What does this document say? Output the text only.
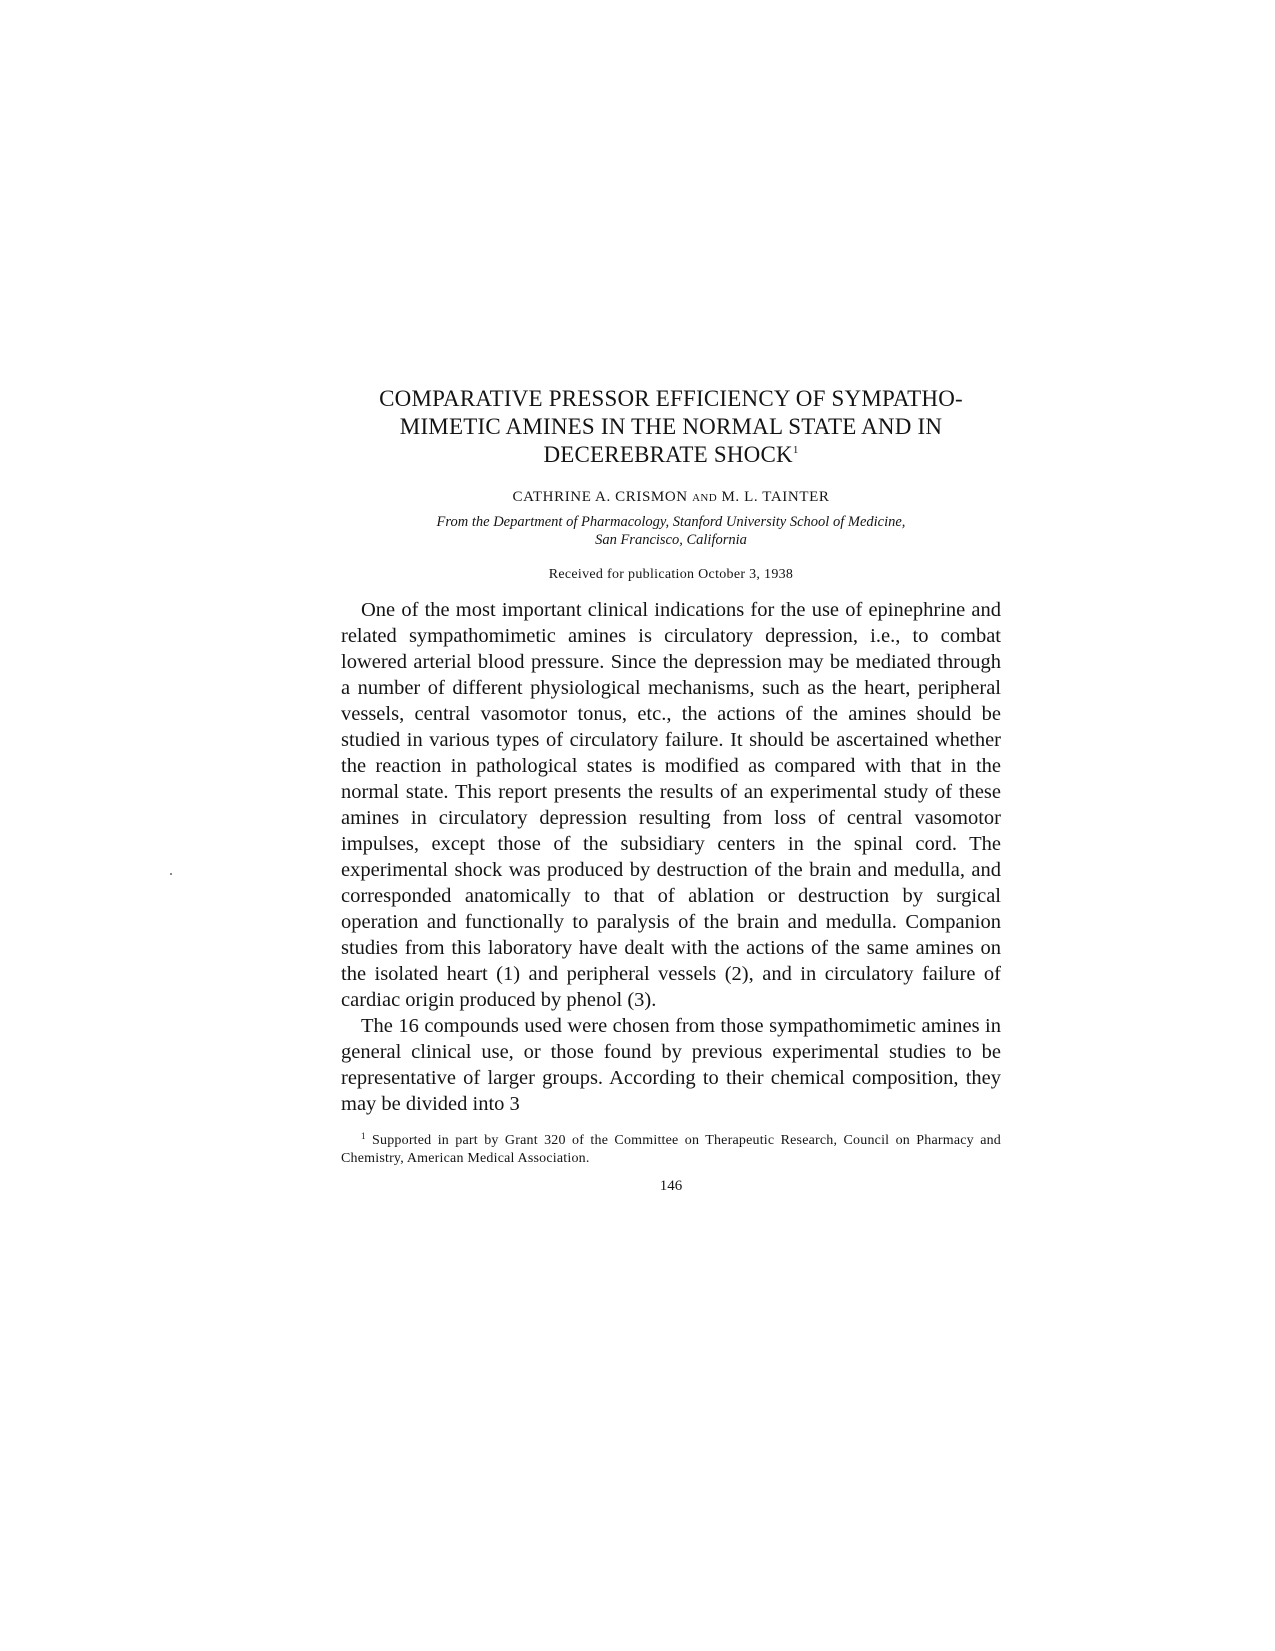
COMPARATIVE PRESSOR EFFICIENCY OF SYMPATHO-MIMETIC AMINES IN THE NORMAL STATE AND IN DECEREBRATE SHOCK$^1$

CATHRINE A. CRISMON AND M. L. TAINTER

From the Department of Pharmacology, Stanford University School of Medicine,
San Francisco, California

Received for publication October 3, 1938

One of the most important clinical indications for the use of epinephrine and related sympathomimetic amines is circulatory depression, i.e., to combat lowered arterial blood pressure. Since the depression may be mediated through a number of different physiological mechanisms, such as the heart, peripheral vessels, central vasomotor tonus, etc., the actions of the amines should be studied in various types of circulatory failure. It should be ascertained whether the reaction in pathological states is modified as compared with that in the normal state. This report presents the results of an experimental study of these amines in circulatory depression resulting from loss of central vasomotor impulses, except those of the subsidiary centers in the spinal cord. The experimental shock was produced by destruction of the brain and medulla, and corresponded anatomically to that of ablation or destruction by surgical operation and functionally to paralysis of the brain and medulla. Companion studies from this laboratory have dealt with the actions of the same amines on the isolated heart (1) and peripheral vessels (2), and in circulatory failure of cardiac origin produced by phenol (3).

The 16 compounds used were chosen from those sympathomimetic amines in general clinical use, or those found by previous experimental studies to be representative of larger groups. According to their chemical composition, they may be divided into 3

$^1$ Supported in part by Grant 320 of the Committee on Therapeutic Research, Council on Pharmacy and Chemistry, American Medical Association.

146
